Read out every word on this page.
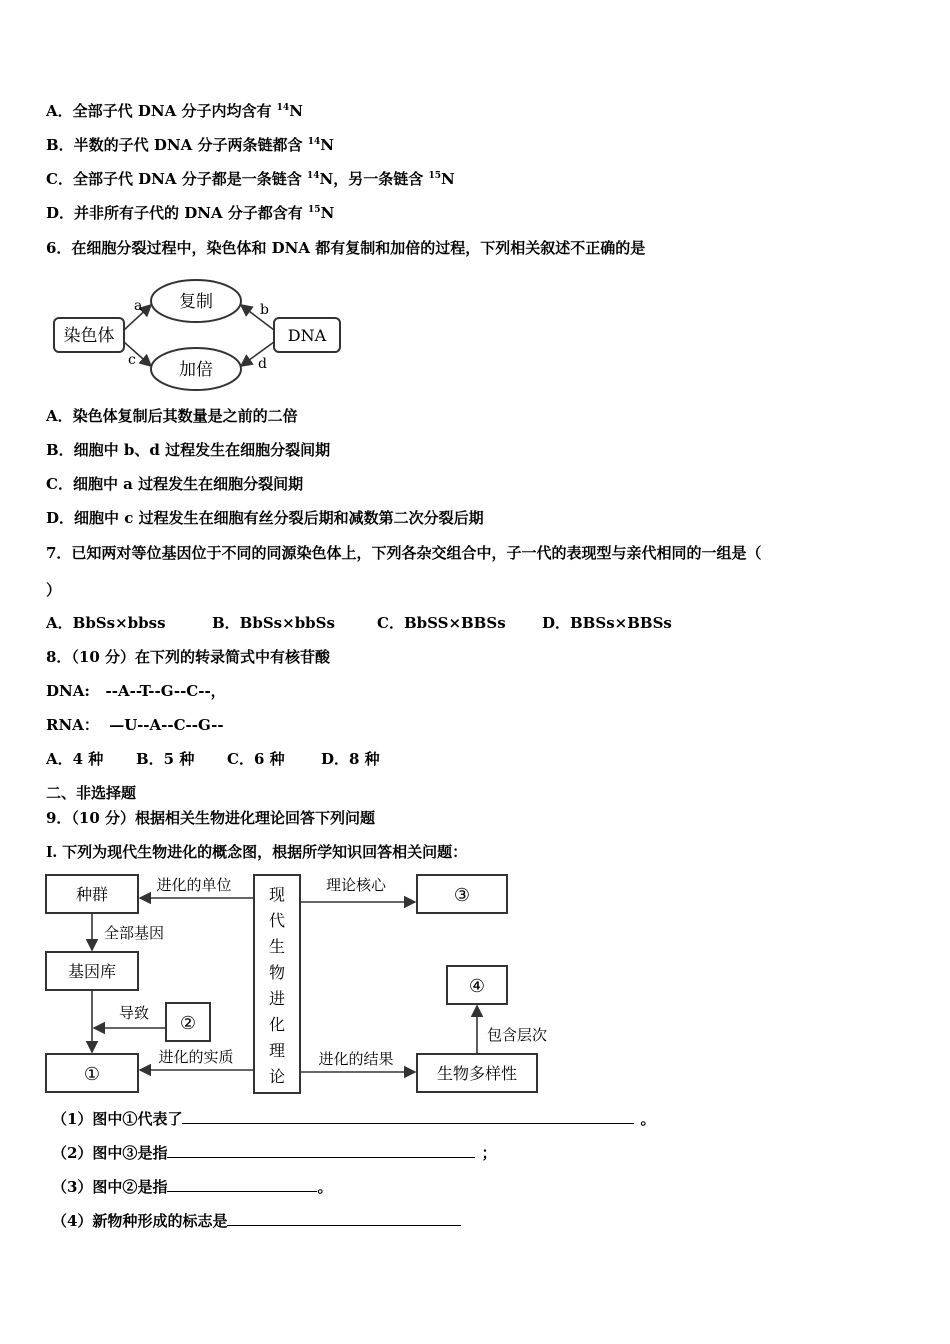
A．全部子代 DNA 分子内均含有 $^{14}$N
B．半数的子代 DNA 分子两条链都含 $^{14}$N
C．全部子代 DNA 分子都是一条链含 $^{14}$N，另一条链含 $^{15}$N
D．并非所有子代的 DNA 分子都含有 $^{15}$N
6．在细胞分裂过程中，染色体和 DNA 都有复制和加倍的过程，下列相关叙述不正确的是
染色体
复制
加倍
DNA
a	b
c	d
A．染色体复制后其数量是之前的二倍
B．细胞中 b、d 过程发生在细胞分裂间期
C．细胞中 a 过程发生在细胞分裂间期
D．细胞中 c 过程发生在细胞有丝分裂后期和减数第二次分裂后期
7．已知两对等位基因位于不同的同源染色体上，下列各杂交组合中，子一代的表现型与亲代相同的一组是（
）
A．BbSs×bbss	B．BbSs×bbSs	C．BbSS×BBSs D．BBSs×BBSs
8．（10 分）在下列的转录简式中有核苷酸
DNA:   --A--T--G--C--，
RNA：  —U--A--C--G--
A．4 种 B．5 种 C．6 种 D．8 种
二、非选择题
9．（10 分）根据相关生物进化理论回答下列问题
I. 下列为现代生物进化的概念图，根据所学知识回答相关问题：
种群
基因库
①
②
现
代
生
物
进
化
理
论
③
④
生物多样性
进化的单位
全部基因
导致
进化的实质
理论核心
进化的结果
包含层次
（1）图中①代表了	。
（2）图中③是指	；
（3）图中②是指	。
（4）新物种形成的标志是
